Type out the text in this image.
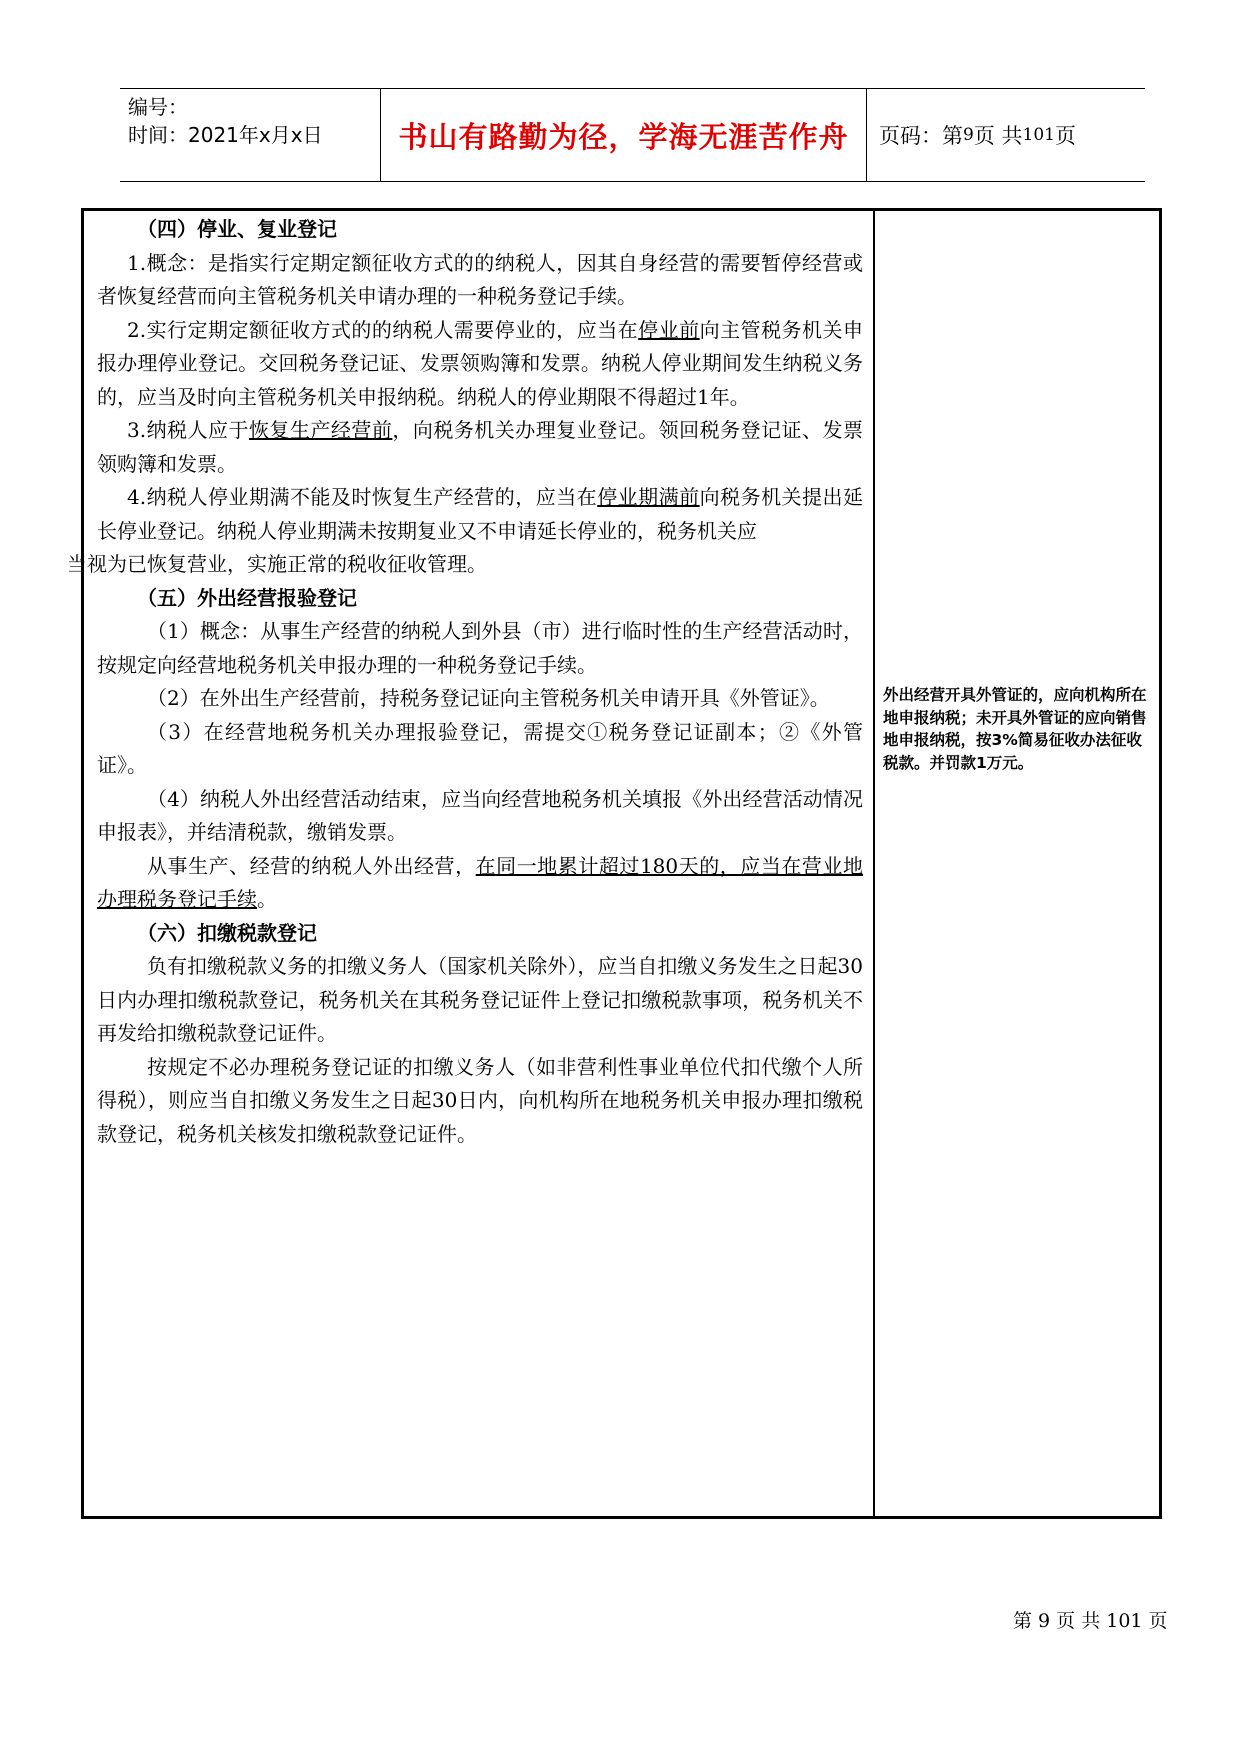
编号：
时间：2021年x月x日	书山有路勤为径，学海无涯苦作舟	页码：第 9 页 共 101 页
（四）停业、复业登记

1.概念：是指实行定期定额征收方式的的纳税人，因其自身经营的需要暂停经营或者恢复经营而向主管税务机关申请办理的一种税务登记手续。

2.实行定期定额征收方式的的纳税人需要停业的，应当在停业前向主管税务机关申报办理停业登记。交回税务登记证、发票领购簿和发票。纳税人停业期间发生纳税义务的，应当及时向主管税务机关申报纳税。纳税人的停业期限不得超过1年。

3.纳税人应于恢复生产经营前，向税务机关办理复业登记。领回税务登记证、发票领购簿和发票。

4.纳税人停业期满不能及时恢复生产经营的，应当在停业期满前向税务机关提出延长停业登记。纳税人停业期满未按期复业又不申请延长停业的，税务机关应
当视为已恢复营业，实施正常的税收征收管理。

（五）外出经营报验登记

（1）概念：从事生产经营的纳税人到外县（市）进行临时性的生产经营活动时，按规定向经营地税务机关申报办理的一种税务登记手续。

（2）在外出生产经营前，持税务登记证向主管税务机关申请开具《外管证》。

（3）在经营地税务机关办理报验登记，需提交①税务登记证副本；②《外管证》。

（4）纳税人外出经营活动结束，应当向经营地税务机关填报《外出经营活动情况申报表》，并结清税款，缴销发票。

从事生产、经营的纳税人外出经营，在同一地累计超过180天的，应当在营业地办理税务登记手续。

（六）扣缴税款登记

负有扣缴税款义务的扣缴义务人（国家机关除外），应当自扣缴义务发生之日起30日内办理扣缴税款登记，税务机关在其税务登记证件上登记扣缴税款事项，税务机关不再发给扣缴税款登记证件。

按规定不必办理税务登记证的扣缴义务人（如非营利性事业单位代扣代缴个人所得税），则应当自扣缴义务发生之日起30日内，向机构所在地税务机关申报办理扣缴税款登记，税务机关核发扣缴税款登记证件。

外出经营开具外管证的，应向机构所在地申报纳税；未开具外管证的应向销售地申报纳税，按3%简易征收办法征收税款。并罚款1万元。
第 9 页 共 101 页
